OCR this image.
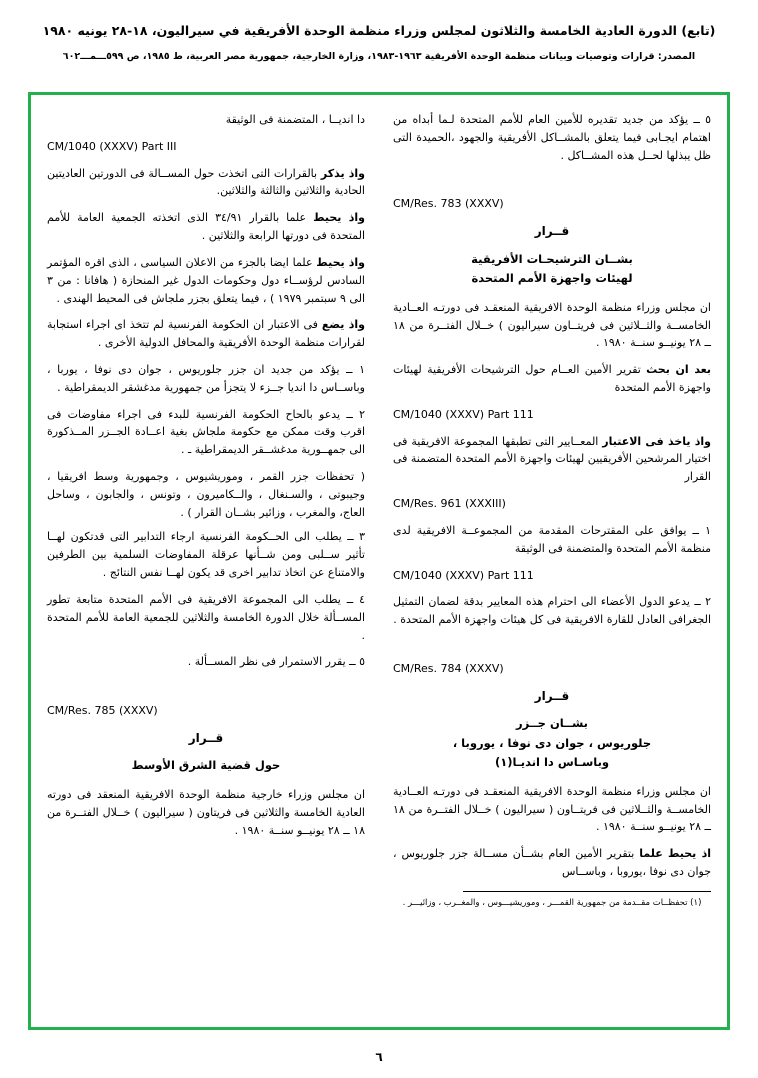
(تابع) الدورة العادية الخامسة والثلاثون لمجلس وزراء منظمة الوحدة الأفريقية في سيراليون، ١٨-٢٨ يونيه ١٩٨٠
المصدر: ‏قرارات وتوصيات وبيانات منظمة الوحدة الأفريقية ١٩٦٣-١٩٨٣، وزارة الخارجية، جمهورية مصر العربية، ط ١٩٨٥، ص ٥٩٩ـــمـــ٦٠٢

٥ ــ يؤكد من جديد تقديره للأمين العام للأمم المتحدة لـما أبداه من اهتمام ايجـابى فيما يتعلق بالمشــاكل الأفريقية والجهود ،الحميدة التى ظل يبذلها لحــل هذه المشــاكل .

CM/Res. 783 (XXXV)
قــرار
بشــان الترشيحـات الأفريقية
لهيئات واجهزة الأمم المتحدة

ان مجلس وزراء منظمة الوحدة الافريقية المنعقـد فى دورتـه العــادية الخامســة والثــلاثين فى فريتــاون سيراليون ) خــلال الفتــرة من ١٨ ــ ٢٨ يونيــو سنــة ١٩٨٠ .

بعد ان بحث تقرير الأمين العــام حول الترشيحات ‏الأفريقية لهيئات واجهزة الأمم المتحدة

CM/1040 (XXXV) Part 111

واذ ياخذ فى الاعتبار المعــايير التى تطبقها المجموعة الافريقية فى اختيار المرشحين الأفريقيين لهيئات واجهزة الأمم المتحدة ‏المتضمنة فى القرار

CM/Res. 961 (XXXIII)

١ ــ يوافق على المقترحات المقدمة من المجموعــة الافريقية لدى منظمة الأمم المتحدة والمتضمنة فى الوثيقة

CM/1040 (XXXV) Part 111

٢ ــ يدعو الدول الأعضاء الى احترام هذه المعايير بدقة لضمان التمثيل الجغرافى العادل للقارة الافريقية فى كل هيئات واجهزة الأمم المتحدة .

CM/Res. 784 (XXXV)
قــرار
بشــان جــزر
جلوريوس ، جوان دى نوفا ، يوروبا ،
وباسـاس دا انديـا(١)

ان مجلس وزراء منظمة الوحدة الافريقية المنعقـد فى دورتـه العــادية الخامســة والثــلاثين فى فريتــاون ( سيراليون ) خــلال الفتــرة من ١٨ ــ ٢٨ يونيــو سنــة ١٩٨٠ .

اذ يحيط علما بتقرير الأمين العام بشــأن مســالة جزر جلوريوس ، جوان دى نوفا ،يوروبا ، وباســاس

(١) تحفظــات مقــدمة من جمهورية القمـــر ، وموريشيـــوس ، والمغــرب ، وزائيـــر .

دا انديــا ، المتضمنة فى الوثيقة

CM/1040 (XXXV) Part III

واذ يذكر بالقرارات التى اتخذت حول المســالة فى الدورتين ‏العاديتين الحادية والثلاثين والثالثة والثلاثين.

واذ يحيط علما بالقرار ٣٤/٩١ الذى اتخذته الجمعية العامة للأمم المتحدة فى دورتها الرابعة والثلاثين .

واذ يحيط علما ايضا بالجزء من الاعلان السياسى ، الذى اقره المؤتمر السادس لرؤســاء دول وحكومات الدول غير المنحازة ( هافانا : من ٣ الى ٩ سبتمبر ١٩٧٩ ) ، فيما يتعلق بجزر ملجاش فى المحيط الهندى .

واذ يضع فى الاعتبار ان الحكومة الفرنسية لم تتخذ اى اجراء استجابة لقرارات منظمة الوحدة الأفريقية والمحافل الدولية الأخرى .

١ ــ يؤكد من جديد ان جزر جلوريوس ، جوان دى نوفا ، يوربا ، وباســاس دا انديا جــزء لا يتجزأ من جمهورية مدغشقر الديمقراطية .

٢ ــ يدعو بالحاح الحكومة الفرنسية للبدء فى اجراء مفاوضات فى اقرب وقت ممكن مع حكومة ‏ملجاش بغية اعــادة الجــزر المــذكورة الى جمهــورية مدغشــقر الديمقراطية ـ .

( تحفظات جزر القمر ، وموريشيوس ، وجمهورية وسط افريقيا ، وجيبوتى ، والسـنغال ، والــكاميرون ، وتونس ، والجابون ، وساحل العاج، والمغرب ، وزائير بشــان القرار ) .

٣ ــ يطلب الى الحــكومة الفرنسية ارجاء التدابير التى قد‏تكون لهــا تأثير ســلبى ومن شــأنها عرقلة المفاوضات السلمية بين الطرفين والامتناع عن اتخاذ تدابير اخرى قد يكون لهــا نفس النتائج .

٤ ــ يطلب الى المجموعة الافريقية فى الأمم المتحدة متابعة تطور المســألة خلال الدورة الخامسة والثلاثين للجمعية العامة للأمم المتحدة .

٥ ــ يقرر الاستمرار فى نظر المســألة .

CM/Res. 785 (XXXV)
قــرار
حول قضية الشرق الأوسط

ان مجلس وزراء خارجية منظمة الوحدة الافريقية المنعقد فى دورته ‏العادية الخامسة والثلاثين فى فريتاون ( سيراليون ) خــلال الفتــرة من ١٨ ــ ٢٨ يونيــو سنــة ١٩٨٠ .

٦
